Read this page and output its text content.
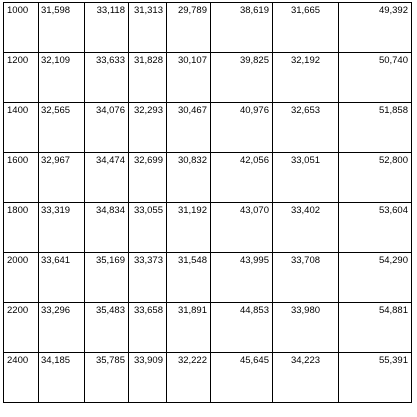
1000	31,598	33,118	31,313	29,789	38,619	31,665	49,392

1200	32,109	33,633	31,828	30,107	39,825	32,192	50,740

1400	32,565	34,076	32,293	30,467	40,976	32,653	51,858

1600	32,967	34,474	32,699	30,832	42,056	33,051	52,800

1800	33,319	34,834	33,055	31,192	43,070	33,402	53,604

2000	33,641	35,169	33,373	31,548	43,995	33,708	54,290

2200	33,296	35,483	33,658	31,891	44,853	33,980	54,881

2400	34,185	35,785	33,909	32,222	45,645	34,223	55,391
